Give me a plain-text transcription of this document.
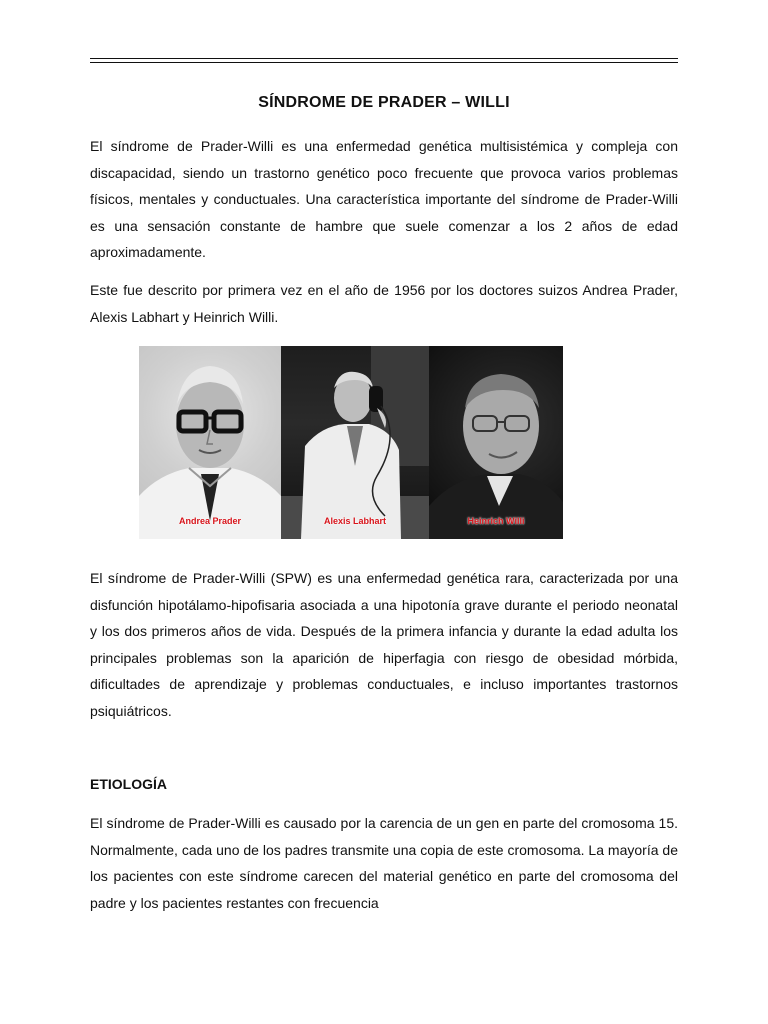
SÍNDROME DE PRADER – WILLI

El síndrome de Prader-Willi es una enfermedad genética multisistémica y compleja con discapacidad, siendo un trastorno genético poco frecuente que provoca varios problemas físicos, mentales y conductuales. Una característica importante del síndrome de Prader-Willi es una sensación constante de hambre que suele comenzar a los 2 años de edad aproximadamente.

Este fue descrito por primera vez en el año de 1956 por los doctores suizos Andrea Prader, Alexis Labhart y Heinrich Willi.

Andrea Prader	Alexis Labhart	Heinrich Willi

El síndrome de Prader-Willi (SPW) es una enfermedad genética rara, caracterizada por una disfunción hipotálamo-hipofisaria asociada a una hipotonía grave durante el periodo neonatal y los dos primeros años de vida. Después de la primera infancia y durante la edad adulta los principales problemas son la aparición de hiperfagia con riesgo de obesidad mórbida, dificultades de aprendizaje y problemas conductuales, e incluso importantes trastornos psiquiátricos.

ETIOLOGÍA

El síndrome de Prader-Willi es causado por la carencia de un gen en parte del cromosoma 15. Normalmente, cada uno de los padres transmite una copia de este cromosoma. La mayoría de los pacientes con este síndrome carecen del material genético en parte del cromosoma del padre y los pacientes restantes con frecuencia
